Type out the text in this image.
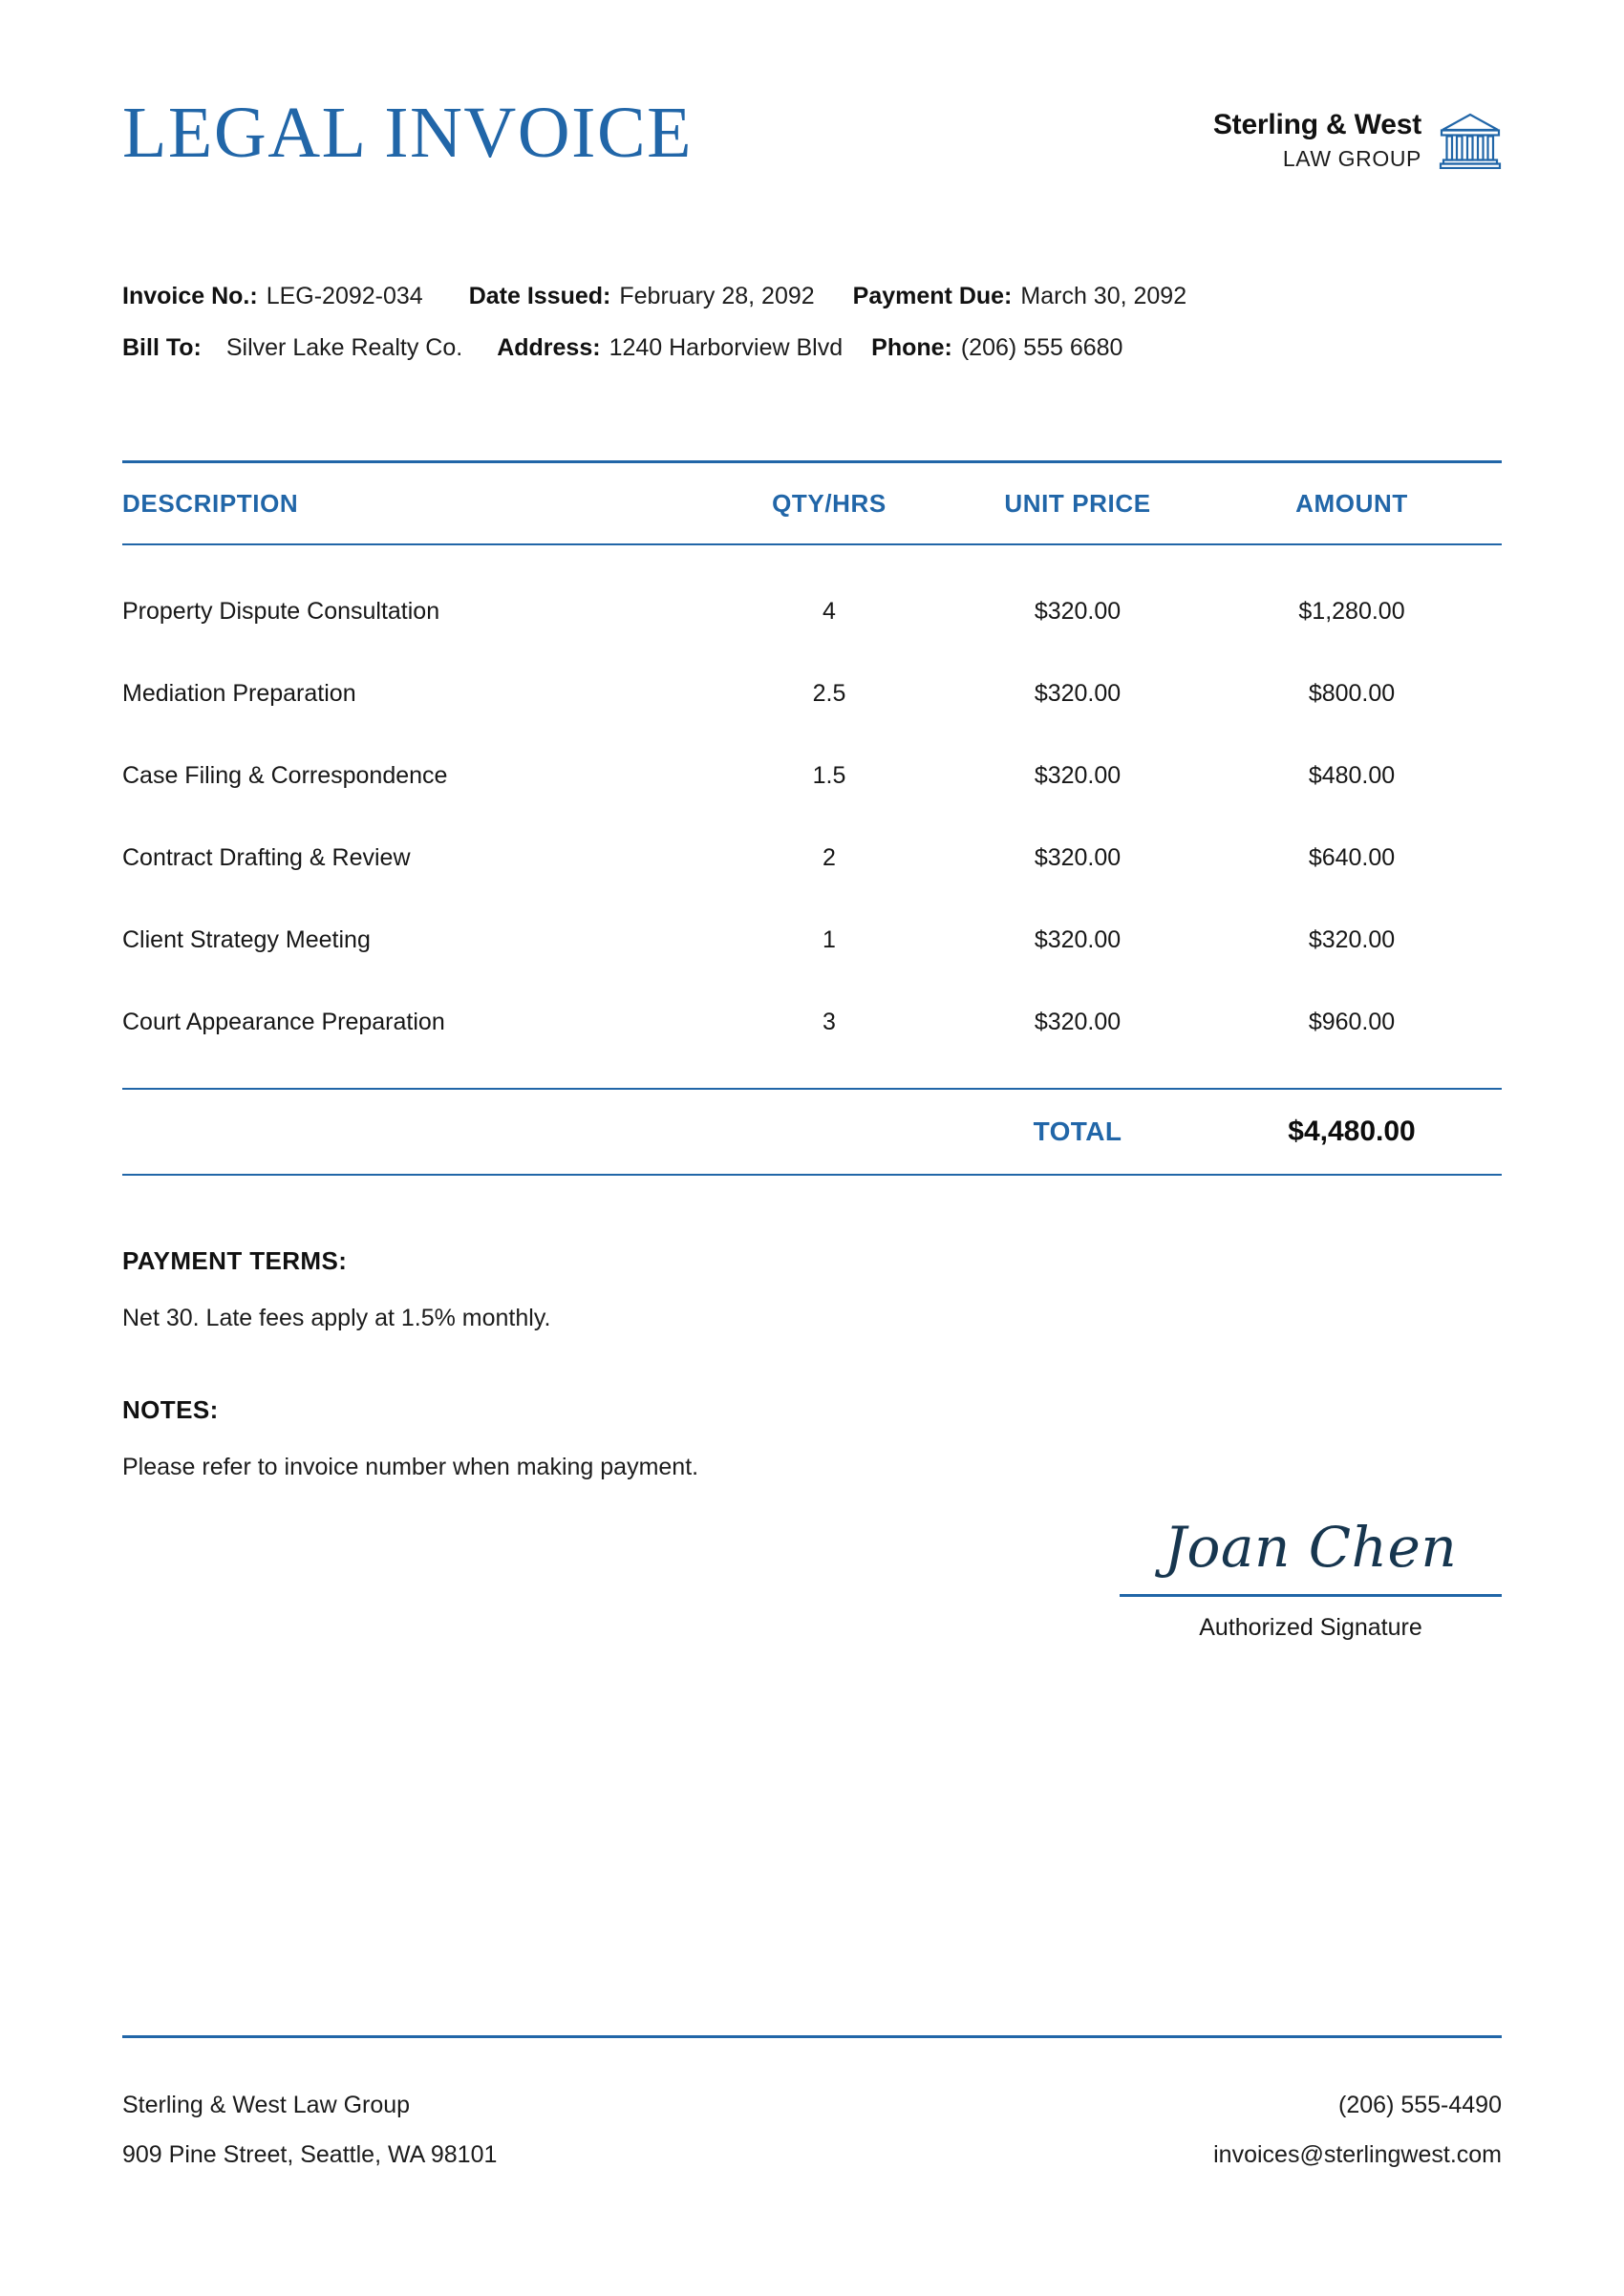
LEGAL INVOICE	Sterling & West
LAW GROUP
Invoice No.: LEG-2092-034 Date Issued: February 28, 2092 Payment Due: March 30, 2092
Bill To: Silver Lake Realty Co. Address: 1240 Harborview Blvd Phone: (206) 555 6680
DESCRIPTION	QTY/HRS	UNIT PRICE	AMOUNT
Property Dispute Consultation	4	$320.00	$1,280.00
Mediation Preparation	2.5	$320.00	$800.00
Case Filing & Correspondence	1.5	$320.00	$480.00
Contract Drafting & Review	2	$320.00	$640.00
Client Strategy Meeting	1	$320.00	$320.00
Court Appearance Preparation	3	$320.00	$960.00
TOTAL	$4,480.00
PAYMENT TERMS:
Net 30. Late fees apply at 1.5% monthly.
NOTES:
Please refer to invoice number when making payment.
Joan Chen
Authorized Signature
Sterling & West Law Group	(206) 555-4490
909 Pine Street, Seattle, WA 98101	invoices@sterlingwest.com
